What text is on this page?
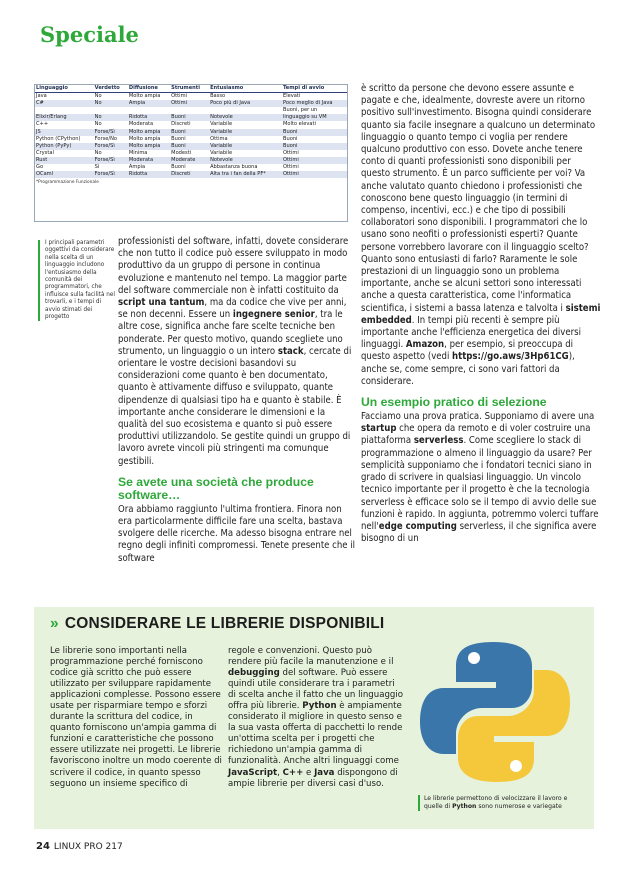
Speciale
Linguaggio	Verdetto	Diffusione	Strumenti	Entusiasmo	Tempi di avvio
Java	No	Molto ampia	Ottimi	Basso	Elevati
C#	No	Ampia	Ottimi	Poco più di Java	Poco meglio di Java
					Buoni, per un
Elixir/Erlang	No	Ridotta	Buoni	Notevole	linguaggio su VM
C++	No	Moderata	Discreti	Variabile	Molto elevati
JS	Forse/Sì	Molto ampia	Buoni	Variabile	Buoni
Python (CPython)	Forse/No	Molto ampia	Buoni	Ottima	Buoni
Python (PyPy)	Forse/Sì	Molto ampia	Buoni	Variabile	Buoni
Crystal	No	Minima	Modesti	Variabile	Ottimi
Rust	Forse/Sì	Moderata	Moderate	Notevole	Ottimi
Go	Sì	Ampia	Buoni	Abbastanza buona	Ottimi
OCaml	Forse/Sì	Ridotta	Discreti	Alta tra i fan della PF*	Ottimi
*Programmazione Funzionale
I principali parametri oggettivi da considerare nella scelta di un linguaggio includono l'entusiasmo della comunità dei programmatori, che influisce sulla facilità nel trovarli, e i tempi di avvio stimati dei progetto

professionisti del software, infatti, dovete considerare che non tutto il codice può essere sviluppato in modo produttivo da un gruppo di persone in continua evoluzione e mantenuto nel tempo. La maggior parte del software commerciale non è infatti costituito da script una tantum, ma da codice che vive per anni, se non decenni. Essere un ingegnere senior, tra le altre cose, significa anche fare scelte tecniche ben ponderate. Per questo motivo, quando scegliete uno strumento, un linguaggio o un intero stack, cercate di orientare le vostre decisioni basandovi su considerazioni come quanto è ben documentato, quanto è attivamente diffuso e sviluppato, quante dipendenze di qualsiasi tipo ha e quanto è stabile. È importante anche considerare le dimensioni e la qualità del suo ecosistema e quanto si può essere produttivi utilizzandolo. Se gestite quindi un gruppo di lavoro avrete vincoli più stringenti ma comunque gestibili.

Se avete una società che produce software…

Ora abbiamo raggiunto l'ultima frontiera. Finora non era particolarmente difficile fare una scelta, bastava svolgere delle ricerche. Ma adesso bisogna entrare nel regno degli infiniti compromessi. Tenete presente che il software

è scritto da persone che devono essere assunte e pagate e che, idealmente, dovreste avere un ritorno positivo sull'investimento. Bisogna quindi considerare quanto sia facile insegnare a qualcuno un determinato linguaggio o quanto tempo ci voglia per rendere qualcuno produttivo con esso. Dovete anche tenere conto di quanti professionisti sono disponibili per questo strumento. È un parco sufficiente per voi? Va anche valutato quanto chiedono i professionisti che conoscono bene questo linguaggio (in termini di compenso, incentivi, ecc.) e che tipo di possibili collaboratori sono disponibili. I programmatori che lo usano sono neofiti o professionisti esperti? Quante persone vorrebbero lavorare con il linguaggio scelto? Quanto sono entusiasti di farlo? Raramente le sole prestazioni di un linguaggio sono un problema importante, anche se alcuni settori sono interessati anche a questa caratteristica, come l'informatica scientifica, i sistemi a bassa latenza e talvolta i sistemi embedded. In tempi più recenti è sempre più importante anche l'efficienza energetica dei diversi linguaggi. Amazon, per esempio, si preoccupa di questo aspetto (vedi https://go.aws/3Hp61CG), anche se, come sempre, ci sono vari fattori da considerare.

Un esempio pratico di selezione

Facciamo una prova pratica. Supponiamo di avere una startup che opera da remoto e di voler costruire una piattaforma serverless. Come scegliere lo stack di programmazione o almeno il linguaggio da usare? Per semplicità supponiamo che i fondatori tecnici siano in grado di scrivere in qualsiasi linguaggio. Un vincolo tecnico importante per il progetto è che la tecnologia serverless è efficace solo se il tempo di avvio delle sue funzioni è rapido. In aggiunta, potremmo volerci tuffare nell'edge computing serverless, il che significa avere bisogno di un

» CONSIDERARE LE LIBRERIE DISPONIBILI

Le librerie sono importanti nella programmazione perché forniscono codice già scritto che può essere utilizzato per sviluppare rapidamente applicazioni complesse. Possono essere usate per risparmiare tempo e sforzi durante la scrittura del codice, in quanto forniscono un'ampia gamma di funzioni e caratteristiche che possono essere utilizzate nei progetti. Le librerie favoriscono inoltre un modo coerente di scrivere il codice, in quanto spesso seguono un insieme specifico di

regole e convenzioni. Questo può rendere più facile la manutenzione e il debugging del software. Può essere quindi utile considerare tra i parametri di scelta anche il fatto che un linguaggio offra più librerie. Python è ampiamente considerato il migliore in questo senso e la sua vasta offerta di pacchetti lo rende un'ottima scelta per i progetti che richiedono un'ampia gamma di funzionalità. Anche altri linguaggi come JavaScript, C++ e Java dispongono di ampie librerie per diversi casi d'uso.

Le librerie permettono di velocizzare il lavoro e quelle di Python sono numerose e variegate
24 LINUX PRO 217
